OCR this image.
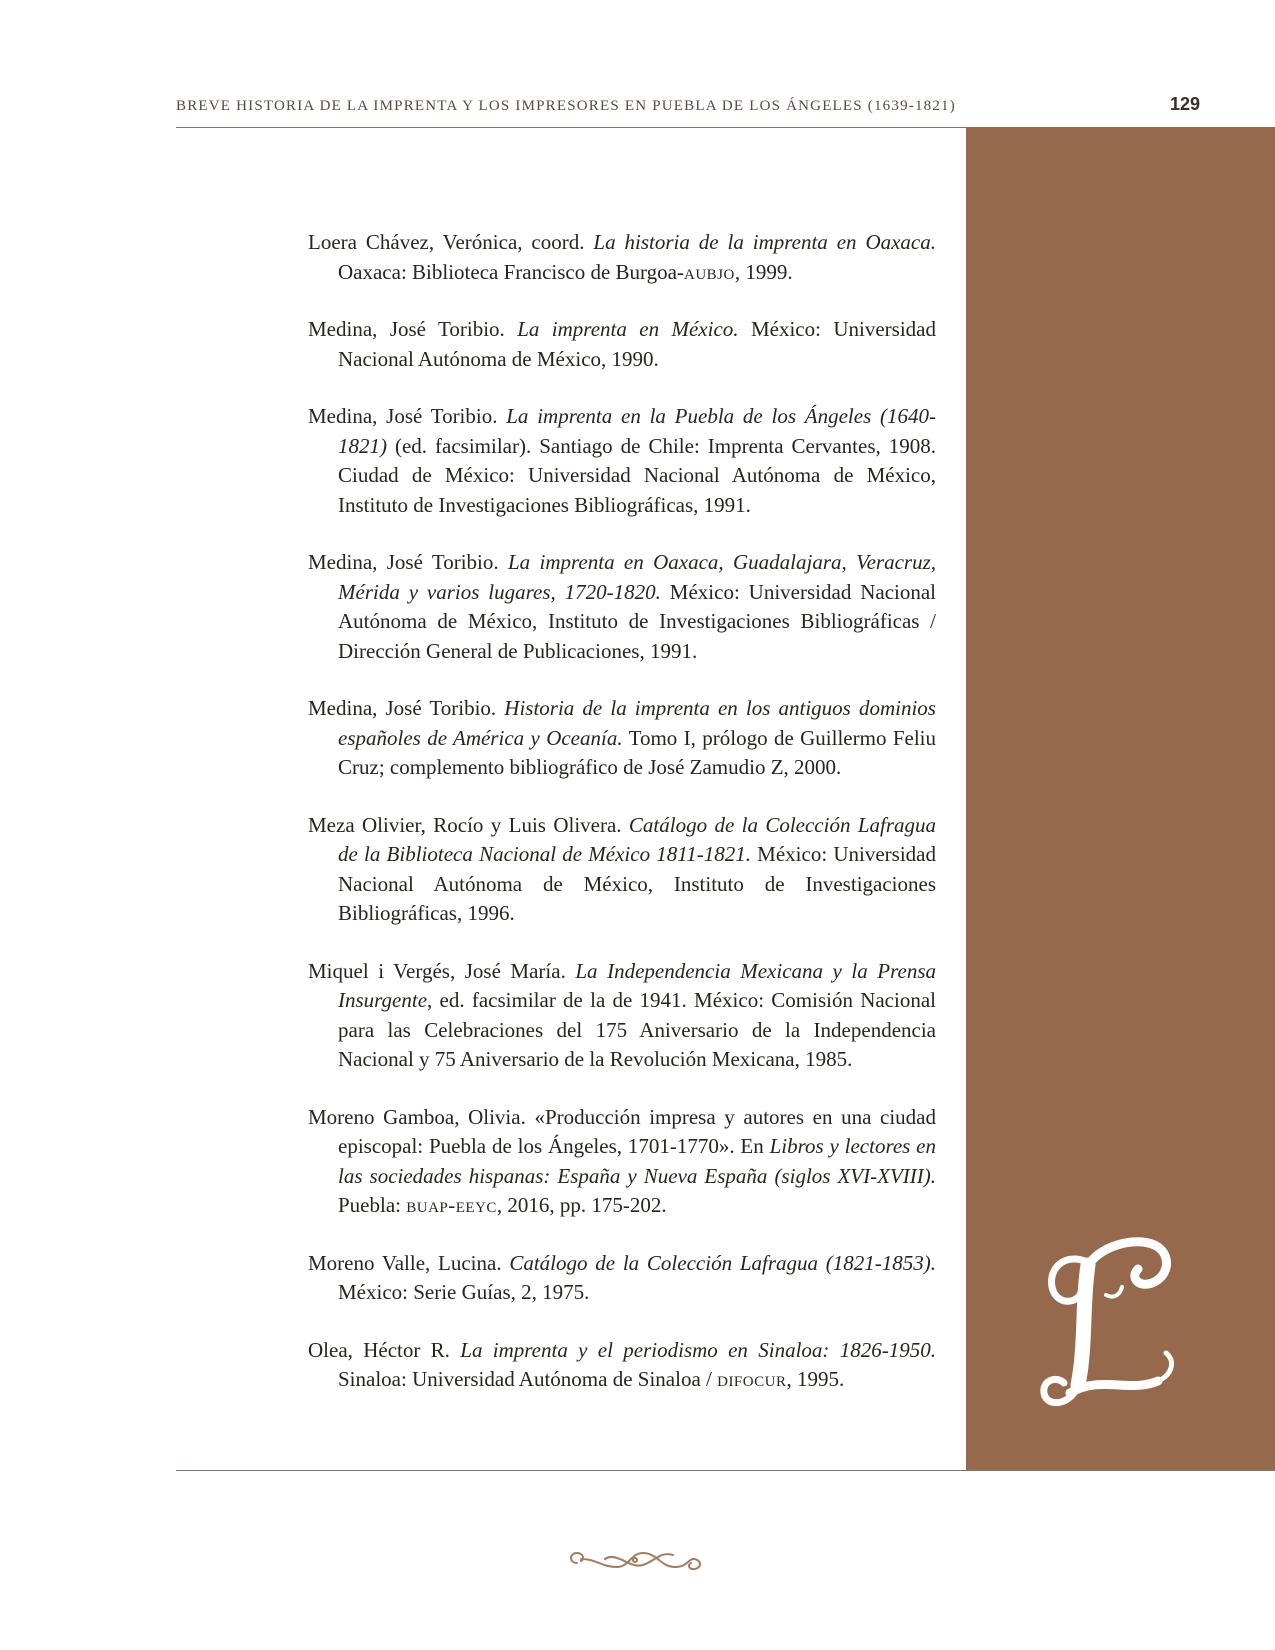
BREVE HISTORIA DE LA IMPRENTA Y LOS IMPRESORES EN PUEBLA DE LOS ÁNGELES (1639-1821)	129

Loera Chávez, Verónica, coord. La historia de la imprenta en Oaxaca. Oaxaca: Biblioteca Francisco de Burgoa-aubjo, 1999.

Medina, José Toribio. La imprenta en México. México: Universidad Nacional Autónoma de México, 1990.

Medina, José Toribio. La imprenta en la Puebla de los Ángeles (1640-1821) (ed. facsimilar). Santiago de Chile: Imprenta Cervantes, 1908. Ciudad de México: Universidad Nacional Autónoma de México, Instituto de Investigaciones Bibliográficas, 1991.

Medina, José Toribio. La imprenta en Oaxaca, Guadalajara, Veracruz, Mérida y varios lugares, 1720-1820. México: Universidad Nacional Autónoma de México, Instituto de Investigaciones Bibliográficas / Dirección General de Publicaciones, 1991.

Medina, José Toribio. Historia de la imprenta en los antiguos dominios españoles de América y Oceanía. Tomo I, prólogo de Guillermo Feliu Cruz; complemento bibliográfico de José Zamudio Z, 2000.

Meza Olivier, Rocío y Luis Olivera. Catálogo de la Colección Lafragua de la Biblioteca Nacional de México 1811-1821. México: Universidad Nacional Autónoma de México, Instituto de Investigaciones Bibliográficas, 1996.

Miquel i Vergés, José María. La Independencia Mexicana y la Prensa Insurgente, ed. facsimilar de la de 1941. México: Comisión Nacional para las Celebraciones del 175 Aniversario de la Independencia Nacional y 75 Aniversario de la Revolución Mexicana, 1985.

Moreno Gamboa, Olivia. «Producción impresa y autores en una ciudad episcopal: Puebla de los Ángeles, 1701-1770». En Libros y lectores en las sociedades hispanas: España y Nueva España (siglos XVI-XVIII). Puebla: buap-eeyc, 2016, pp. 175-202.

Moreno Valle, Lucina. Catálogo de la Colección Lafragua (1821-1853). México: Serie Guías, 2, 1975.

Olea, Héctor R. La imprenta y el periodismo en Sinaloa: 1826-1950. Sinaloa: Universidad Autónoma de Sinaloa / difocur, 1995.
